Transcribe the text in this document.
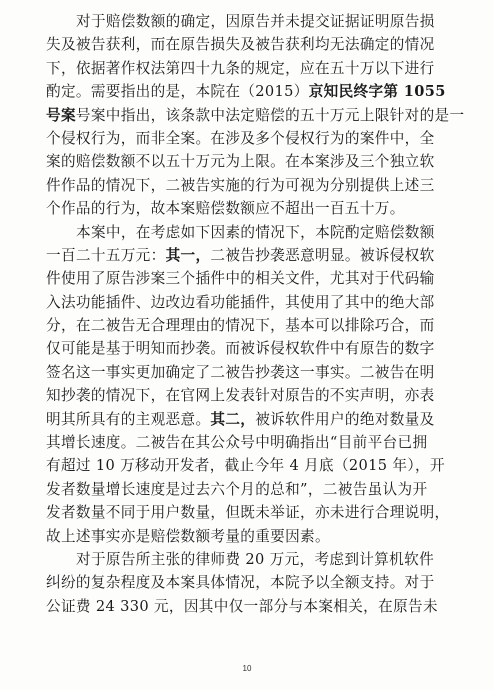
对于赔偿数额的确定，因原告并未提交证据证明原告损
失及被告获利，而在原告损失及被告获利均无法确定的情况
下，依据著作权法第四十九条的规定，应在五十万以下进行
酌定。需要指出的是，本院在（2015）京知民终字第 1055
号案号案中指出，该条款中法定赔偿的五十万元上限针对的是一
个侵权行为，而非全案。在涉及多个侵权行为的案件中，全
案的赔偿数额不以五十万元为上限。在本案涉及三个独立软
件作品的情况下，二被告实施的行为可视为分别提供上述三
个作品的行为，故本案赔偿数额应不超出一百五十万。
本案中，在考虑如下因素的情况下，本院酌定赔偿数额
一百二十五万元：其一，二被告抄袭恶意明显。被诉侵权软
件使用了原告涉案三个插件中的相关文件，尤其对于代码输
入法功能插件、边改边看功能插件，其使用了其中的绝大部
分，在二被告无合理理由的情况下，基本可以排除巧合，而
仅可能是基于明知而抄袭。而被诉侵权软件中有原告的数字
签名这一事实更加确定了二被告抄袭这一事实。二被告在明
知抄袭的情况下，在官网上发表针对原告的不实声明，亦表
明其所具有的主观恶意。其二，被诉软件用户的绝对数量及
其增长速度。二被告在其公众号中明确指出“目前平台已拥
有超过 10 万移动开发者，截止今年 4 月底（2015 年），开
发者数量增长速度是过去六个月的总和”，二被告虽认为开
发者数量不同于用户数量，但既未举证，亦未进行合理说明，
故上述事实亦是赔偿数额考量的重要因素。
对于原告所主张的律师费 20 万元，考虑到计算机软件
纠纷的复杂程度及本案具体情况，本院予以全额支持。对于
公证费 24 330 元，因其中仅一部分与本案相关，在原告未
10
